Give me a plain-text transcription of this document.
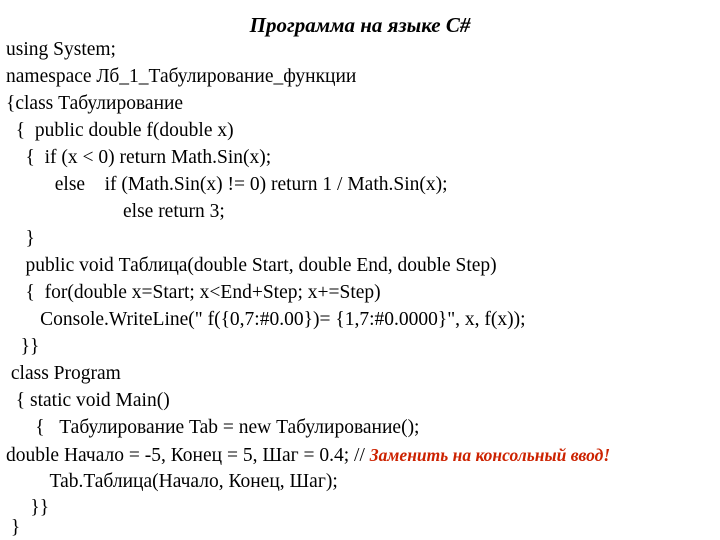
Программа на языке C#
using System;
namespace Лб_1_Табулирование_функции
{class Табулирование
{  public double f(double x)
{  if (x < 0) return Math.Sin(x);
else    if (Math.Sin(x) != 0) return 1 / Math.Sin(x);
else return 3;
}
public void Таблица(double Start, double End, double Step)
{  for(double x=Start; x<End+Step; x+=Step)
Console.WriteLine(" f({0,7:#0.00})= {1,7:#0.0000}", x, f(x));
}}
class Program
{ static void Main()
{   Табулирование Tab = new Табулирование();
double Начало = -5, Конец = 5, Шаг = 0.4; // Заменить на консольный ввод!
Tab.Таблица(Начало, Конец, Шаг);
}}
}
